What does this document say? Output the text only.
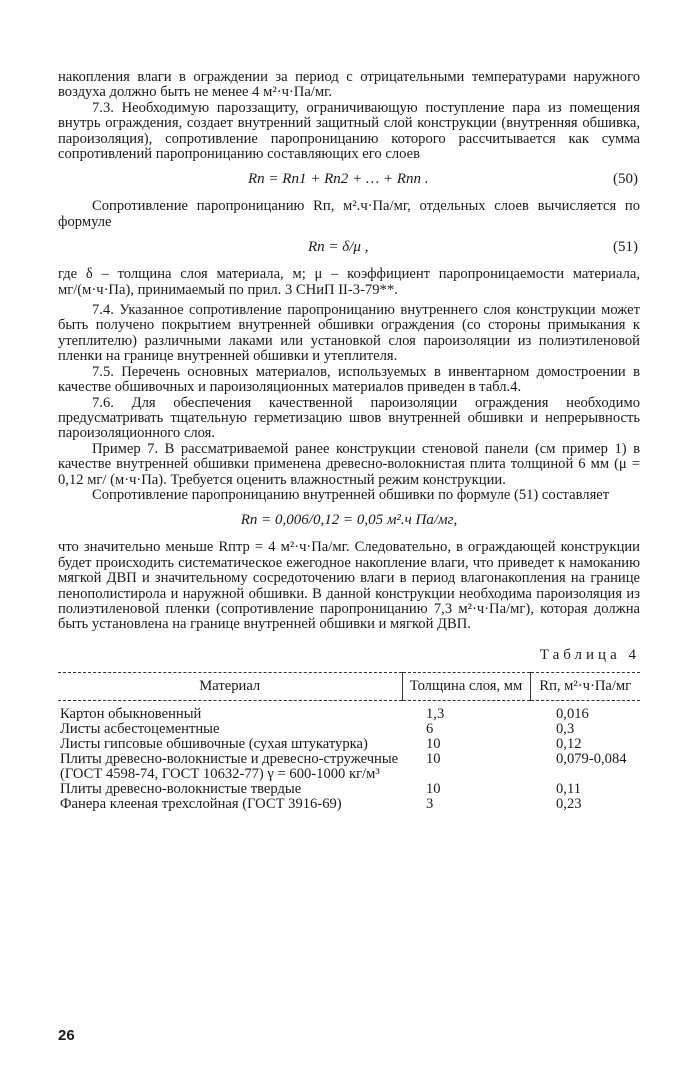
накопления влаги в ограждении за период с отрицательными температурами наружного воздуха должно быть не менее 4 м²·ч·Па/мг.

7.3. Необходимую пароззащиту, ограничивающую поступление пара из помещения внутрь ограждения, создает внутренний защитный слой конструкции (внутренняя обшивка, пароизоляция), сопротивление паропроницанию которого рассчитывается как сумма сопротивлений паропроницанию составляющих его слоев

Rп = Rп1 + Rп2 + … + Rпn .	(50)

Сопротивление паропроницанию Rп, м².ч·Па/мг, отдельных слоев вычисляется по формуле

Rп = δ/μ ,	(51)

где δ – толщина слоя материала, м; μ – коэффициент паропроницаемости материала, мг/(м·ч·Па), принимаемый по прил. 3 СНиП II-3-79**.

7.4. Указанное сопротивление паропроницанию внутреннего слоя конструкции может быть получено покрытием внутренней обшивки ограждения (со стороны примыкания к утеплителю) различными лаками или установкой слоя пароизоляции из полиэтиленовой пленки на границе внутренней обшивки и утеплителя.

7.5. Перечень основных материалов, используемых в инвентарном домостроении в качестве обшивочных и пароизоляционных материалов приведен в табл.4.

7.6. Для обеспечения качественной пароизоляции ограждения необходимо предусматривать тщательную герметизацию швов внутренней обшивки и непрерывность пароизоляционного слоя.

Пример 7. В рассматриваемой ранее конструкции стеновой панели (см пример 1) в качестве внутренней обшивки применена древесно-волокнистая плита толщиной 6 мм (μ = 0,12 мг/ (м·ч·Па). Требуется оценить влажностный режим конструкции.

Сопротивление паропроницанию внутренней обшивки по формуле (51) составляет

Rп = 0,006/0,12 = 0,05 м².ч Па/мг,

что значительно меньше Rптр = 4 м²·ч·Па/мг. Следовательно, в ограждающей конструкции будет происходить систематическое ежегодное накопление влаги, что приведет к намоканию мягкой ДВП и значительному сосредоточению влаги в период влагонакопления на границе пенополистирола и наружной обшивки. В данной конструкции необходима пароизоляция из полиэтиленовой пленки (сопротивление паропроницанию 7,3 м²·ч·Па/мг), которая должна быть установлена на границе внутренней обшивки и мягкой ДВП.

Таблица 4
Материал	Толщина слоя, мм	Rп, м²·ч·Па/мг
Картон обыкновенный	1,3	0,016
Листы асбестоцементные	6	0,3
Листы гипсовые обшивочные (сухая штукатурка)	10	0,12
Плиты древесно-волокнистые и древесно-стружечные (ГОСТ 4598-74, ГОСТ 10632-77) γ = 600-1000 кг/м³	10	0,079-0,084
Плиты древесно-волокнистые твердые	10	0,11
Фанера клееная трехслойная (ГОСТ 3916-69)	3	0,23
26
